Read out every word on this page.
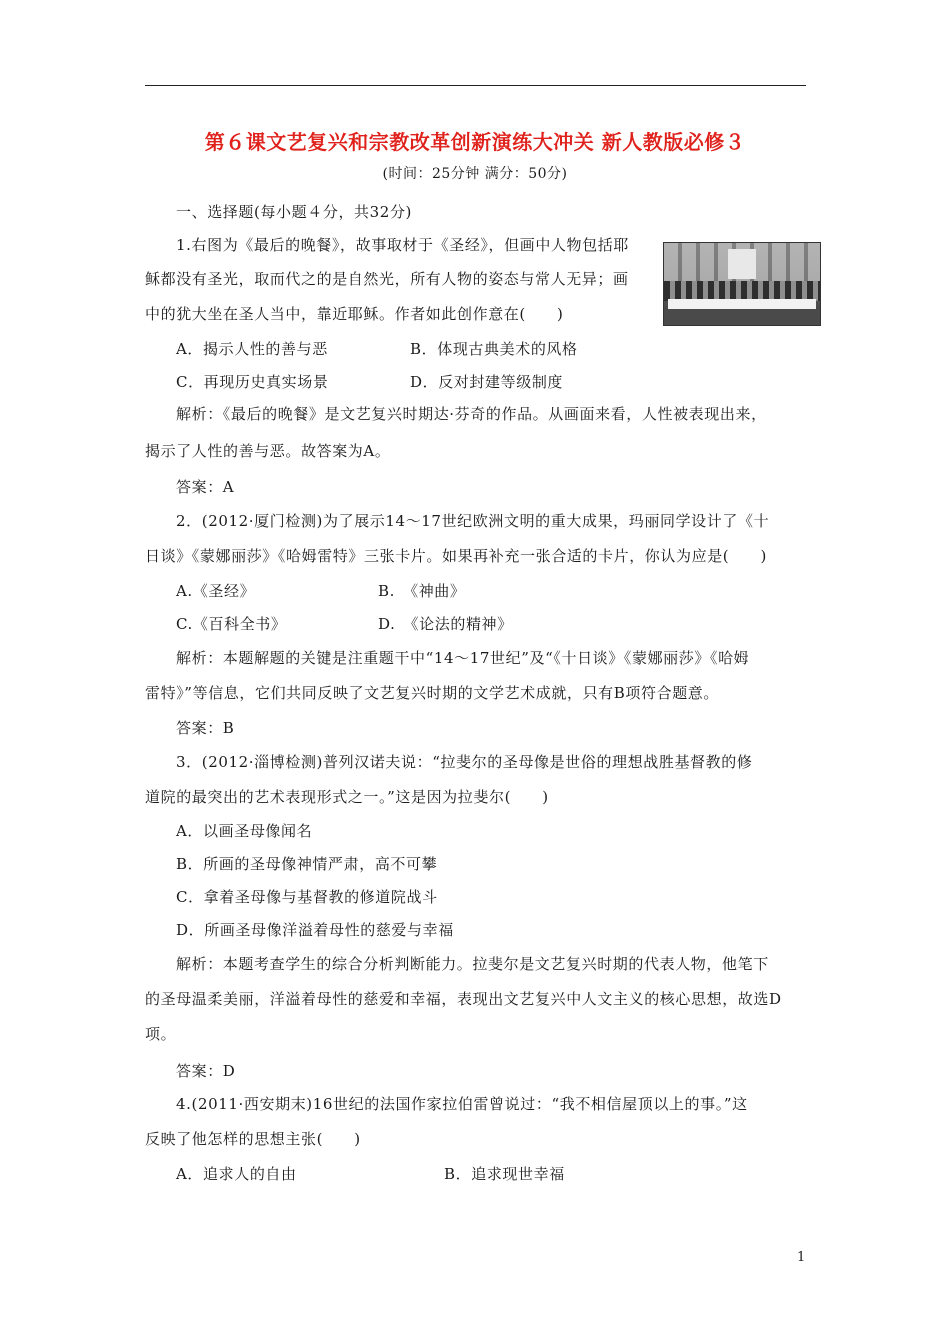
第６课文艺复兴和宗教改革创新演练大冲关 新人教版必修３
(时间：25分钟 满分：50分)
一、选择题(每小题４分，共32分)
1.右图为《最后的晚餐》，故事取材于《圣经》，但画中人物包括耶
稣都没有圣光，取而代之的是自然光，所有人物的姿态与常人无异；画
中的犹大坐在圣人当中，靠近耶稣。作者如此创作意在(　　)
A．揭示人性的善与恶	B．体现古典美术的风格
C．再现历史真实场景	D．反对封建等级制度
解析：《最后的晚餐》是文艺复兴时期达·芬奇的作品。从画面来看，人性被表现出来，
揭示了人性的善与恶。故答案为A。
答案：A
2．(2012·厦门检测)为了展示14～17世纪欧洲文明的重大成果，玛丽同学设计了《十
日谈》《蒙娜丽莎》《哈姆雷特》三张卡片。如果再补充一张合适的卡片，你认为应是(　　)
A.《圣经》	B.　《神曲》
C.《百科全书》	D.　《论法的精神》
解析：本题解题的关键是注重题干中“14～17世纪”及“《十日谈》《蒙娜丽莎》《哈姆
雷特》”等信息，它们共同反映了文艺复兴时期的文学艺术成就，只有B项符合题意。
答案：B
3．(2012·淄博检测)普列汉诺夫说：“拉斐尔的圣母像是世俗的理想战胜基督教的修
道院的最突出的艺术表现形式之一。”这是因为拉斐尔(　　)
A．以画圣母像闻名
B．所画的圣母像神情严肃，高不可攀
C．拿着圣母像与基督教的修道院战斗
D．所画圣母像洋溢着母性的慈爱与幸福
解析：本题考查学生的综合分析判断能力。拉斐尔是文艺复兴时期的代表人物，他笔下
的圣母温柔美丽，洋溢着母性的慈爱和幸福，表现出文艺复兴中人文主义的核心思想，故选D
项。
答案：D
4.(2011·西安期末)16世纪的法国作家拉伯雷曾说过：“我不相信屋顶以上的事。”这
反映了他怎样的思想主张(　　)
A．追求人的自由	B．追求现世幸福
1
